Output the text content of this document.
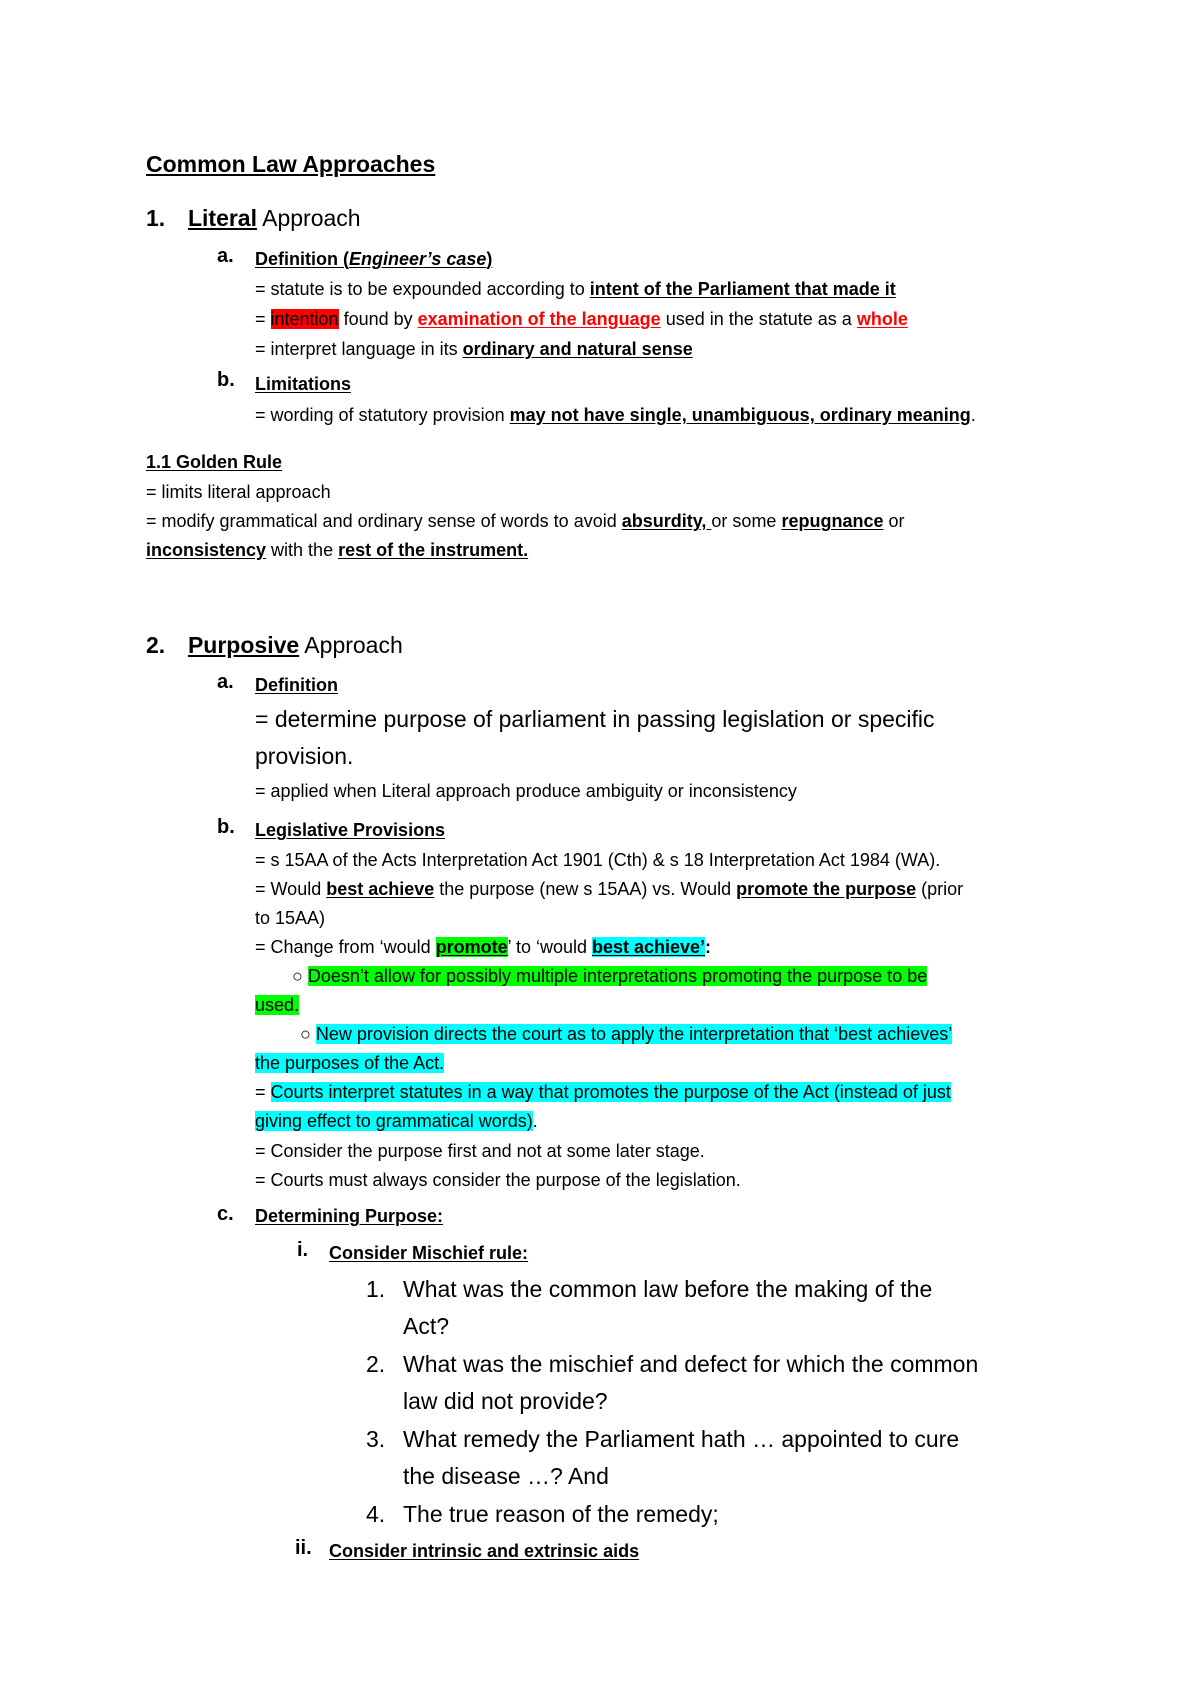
Common Law Approaches
1. Literal Approach
a. Definition (Engineer’s case)
= statute is to be expounded according to intent of the Parliament that made it
= intention found by examination of the language used in the statute as a whole
= interpret language in its ordinary and natural sense
b. Limitations
= wording of statutory provision may not have single, unambiguous, ordinary meaning.
1.1 Golden Rule
= limits literal approach
= modify grammatical and ordinary sense of words to avoid absurdity, or some repugnance or
inconsistency with the rest of the instrument.
2. Purposive Approach
a. Definition
= determine purpose of parliament in passing legislation or specific
provision.
= applied when Literal approach produce ambiguity or inconsistency
b. Legislative Provisions
= s 15AA of the Acts Interpretation Act 1901 (Cth) & s 18 Interpretation Act 1984 (WA).
= Would best achieve the purpose (new s 15AA) vs. Would promote the purpose (prior
to 15AA)
= Change from ‘would promote’ to ‘would best achieve’:
○ Doesn’t allow for possibly multiple interpretations promoting the purpose to be
used.
○ New provision directs the court as to apply the interpretation that ‘best achieves’
the purposes of the Act.
= Courts interpret statutes in a way that promotes the purpose of the Act (instead of just
giving effect to grammatical words).
= Consider the purpose first and not at some later stage.
= Courts must always consider the purpose of the legislation.
c. Determining Purpose:
i. Consider Mischief rule:
1. What was the common law before the making of the
Act?
2. What was the mischief and defect for which the common
law did not provide?
3. What remedy the Parliament hath … appointed to cure
the disease …? And
4. The true reason of the remedy;
ii. Consider intrinsic and extrinsic aids
